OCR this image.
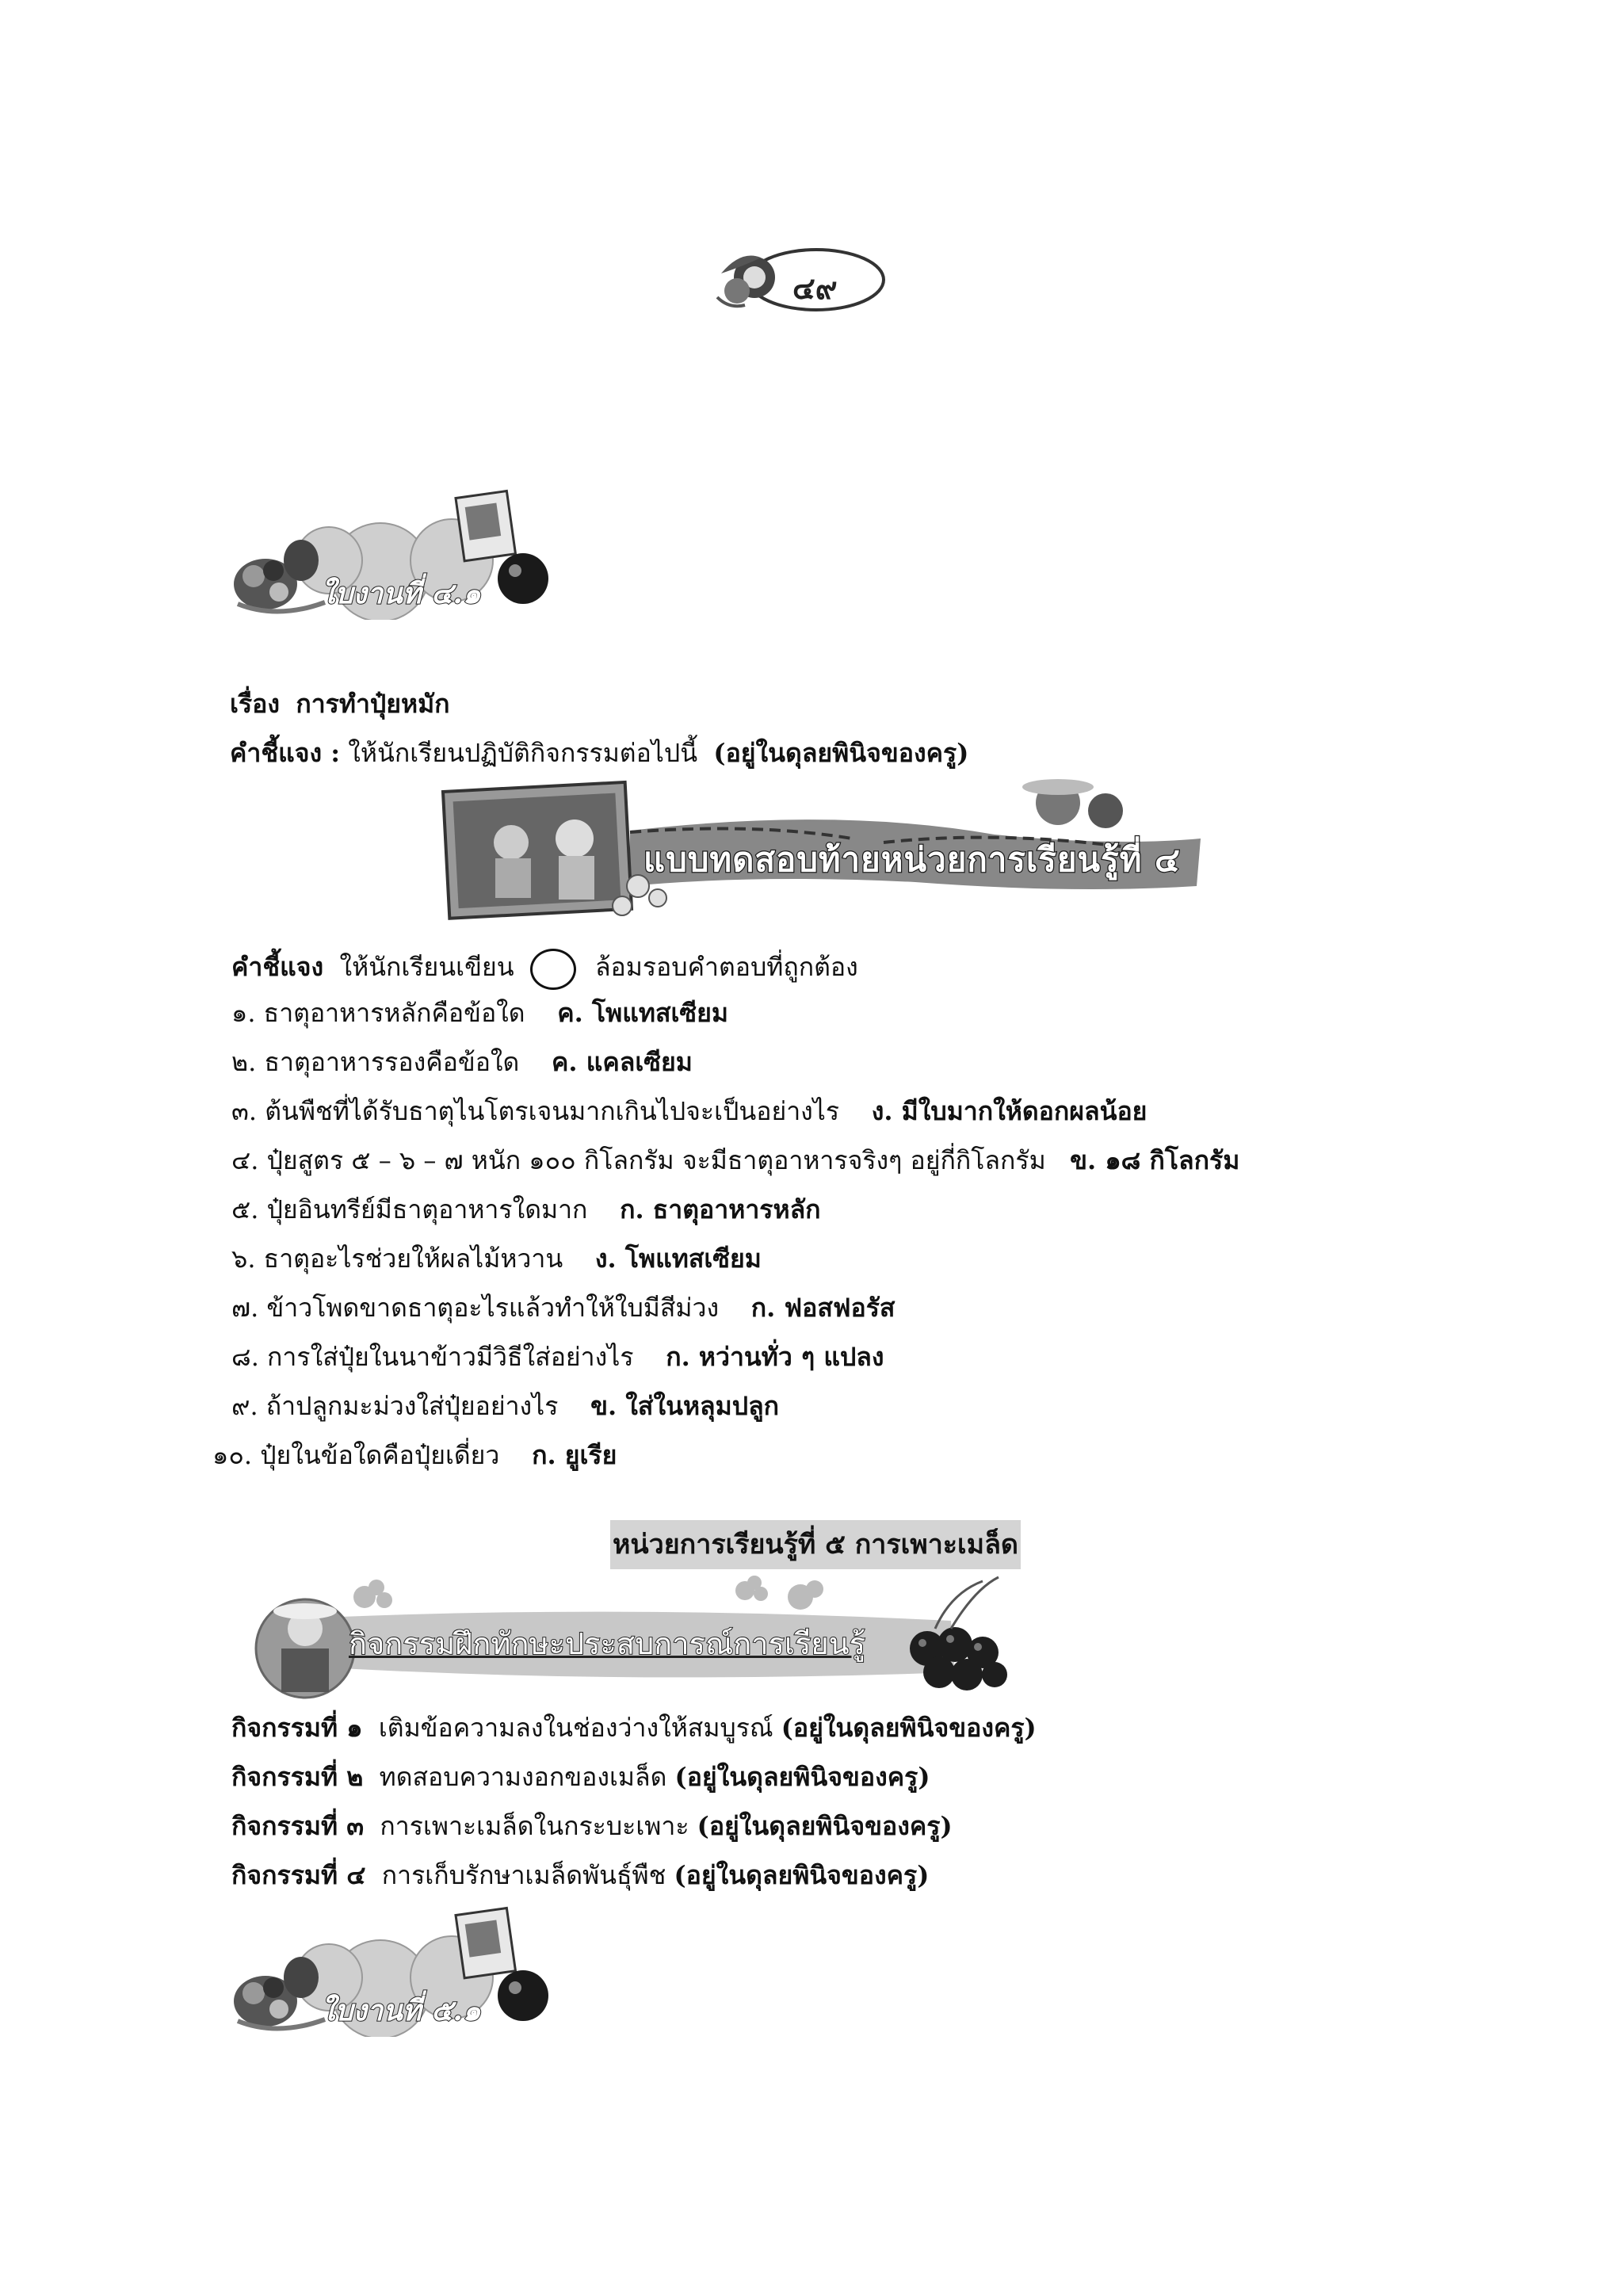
๔๙
ใบงานที่ ๔.๑
เรื่อง การทำปุ๋ยหมัก
คำชี้แจง : ให้นักเรียนปฏิบัติกิจกรรมต่อไปนี้ (อยู่ในดุลยพินิจของครู)
แบบทดสอบท้ายหน่วยการเรียนรู้ที่ ๔
คำชี้แจง ให้นักเรียนเขียน	ล้อมรอบคำตอบที่ถูกต้อง
๑. ธาตุอาหารหลักคือข้อใด ค. โพแทสเซียม
๒. ธาตุอาหารรองคือข้อใด ค. แคลเซียม
๓. ต้นพืชที่ได้รับธาตุไนโตรเจนมากเกินไปจะเป็นอย่างไร ง. มีใบมากให้ดอกผลน้อย
๔. ปุ๋ยสูตร ๕ – ๖ – ๗ หนัก ๑๐๐ กิโลกรัม จะมีธาตุอาหารจริงๆ อยู่กี่กิโลกรัม ข. ๑๘ กิโลกรัม
๕. ปุ๋ยอินทรีย์มีธาตุอาหารใดมาก ก. ธาตุอาหารหลัก
๖. ธาตุอะไรช่วยให้ผลไม้หวาน ง. โพแทสเซียม
๗. ข้าวโพดขาดธาตุอะไรแล้วทำให้ใบมีสีม่วง ก. ฟอสฟอรัส
๘. การใส่ปุ๋ยในนาข้าวมีวิธีใส่อย่างไร ก. หว่านทั่ว ๆ แปลง
๙. ถ้าปลูกมะม่วงใส่ปุ๋ยอย่างไร ข. ใส่ในหลุมปลูก
๑๐. ปุ๋ยในข้อใดคือปุ๋ยเดี่ยว ก. ยูเรีย
หน่วยการเรียนรู้ที่ ๕ การเพาะเมล็ด
กิจกรรมฝึกทักษะประสบการณ์การเรียนรู้
กิจกรรมที่ ๑ เติมข้อความลงในช่องว่างให้สมบูรณ์ (อยู่ในดุลยพินิจของครู)
กิจกรรมที่ ๒ ทดสอบความงอกของเมล็ด (อยู่ในดุลยพินิจของครู)
กิจกรรมที่ ๓ การเพาะเมล็ดในกระบะเพาะ (อยู่ในดุลยพินิจของครู)
กิจกรรมที่ ๔ การเก็บรักษาเมล็ดพันธุ์พืช (อยู่ในดุลยพินิจของครู)
ใบงานที่ ๕.๑
